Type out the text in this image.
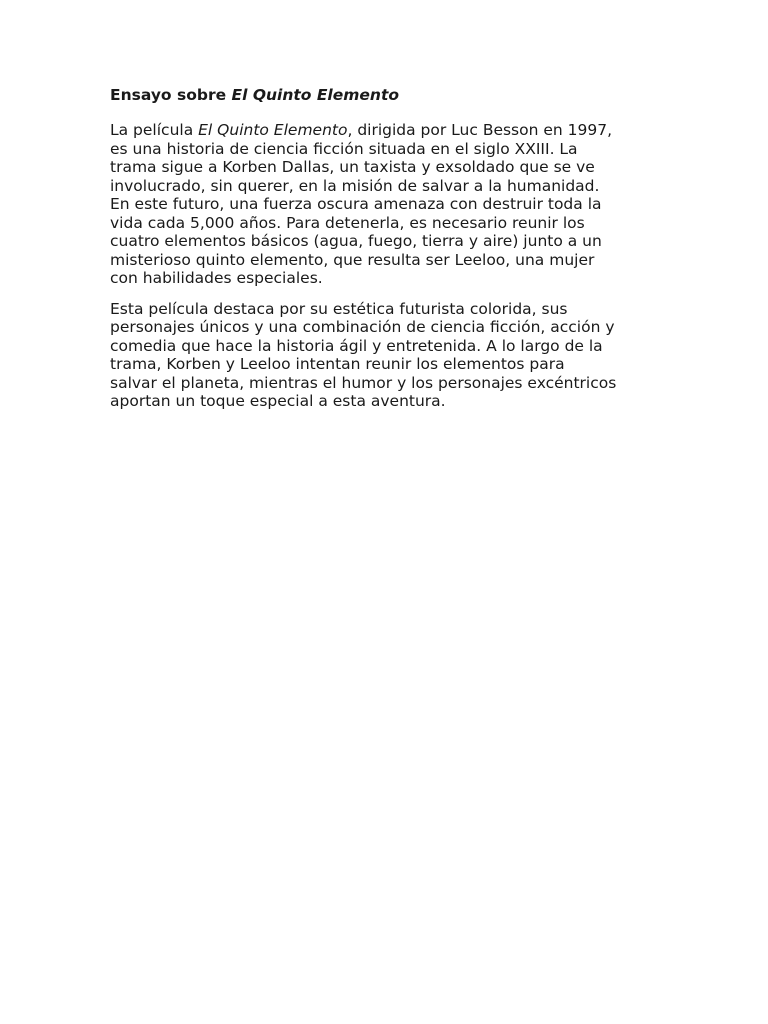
Ensayo sobre El Quinto Elemento
La película El Quinto Elemento, dirigida por Luc Besson en 1997,
es una historia de ciencia ficción situada en el siglo XXIII. La
trama sigue a Korben Dallas, un taxista y exsoldado que se ve
involucrado, sin querer, en la misión de salvar a la humanidad.
En este futuro, una fuerza oscura amenaza con destruir toda la
vida cada 5,000 años. Para detenerla, es necesario reunir los
cuatro elementos básicos (agua, fuego, tierra y aire) junto a un
misterioso quinto elemento, que resulta ser Leeloo, una mujer
con habilidades especiales.
Esta película destaca por su estética futurista colorida, sus
personajes únicos y una combinación de ciencia ficción, acción y
comedia que hace la historia ágil y entretenida. A lo largo de la
trama, Korben y Leeloo intentan reunir los elementos para
salvar el planeta, mientras el humor y los personajes excéntricos
aportan un toque especial a esta aventura.
